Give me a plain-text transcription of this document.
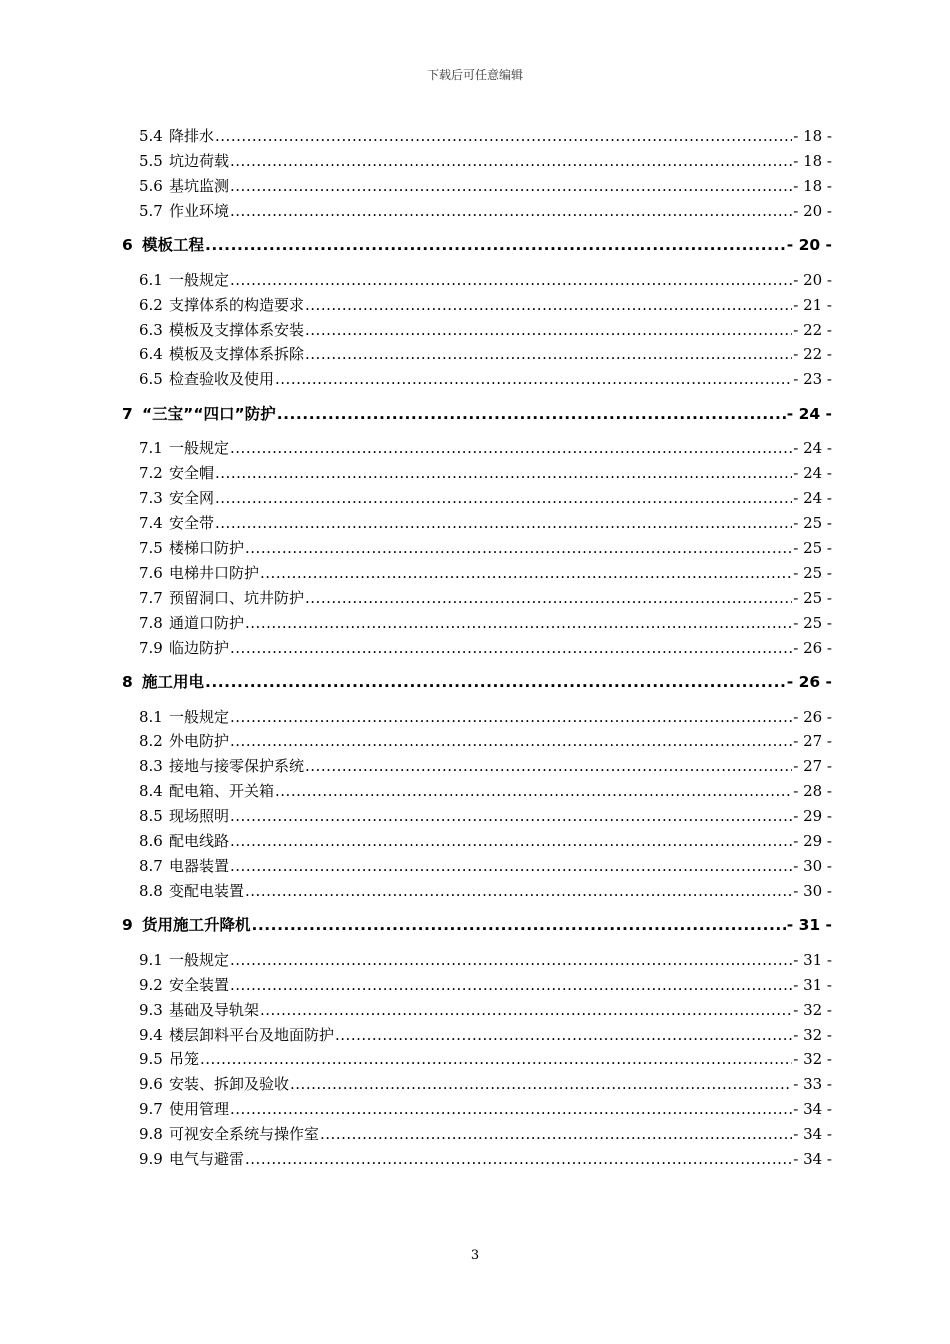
下载后可任意编辑
5.4 降排水 .....	- 18 -
5.5 坑边荷载 .....	- 18 -
5.6 基坑监测 .....	- 18 -
5.7 作业环境 .....	- 20 -
6 模板工程 .....	- 20 -
6.1 一般规定 .....	- 20 -
6.2 支撑体系的构造要求 .....	- 21 -
6.3 模板及支撑体系安装 .....	- 22 -
6.4 模板及支撑体系拆除 .....	- 22 -
6.5 检查验收及使用 .....	- 23 -
7 “三宝”“四口”防护 .....	- 24 -
7.1 一般规定 .....	- 24 -
7.2 安全帽 .....	- 24 -
7.3 安全网 .....	- 24 -
7.4 安全带 .....	- 25 -
7.5 楼梯口防护 .....	- 25 -
7.6 电梯井口防护 .....	- 25 -
7.7 预留洞口、坑井防护 .....	- 25 -
7.8 通道口防护 .....	- 25 -
7.9 临边防护 .....	- 26 -
8 施工用电 .....	- 26 -
8.1 一般规定 .....	- 26 -
8.2 外电防护 .....	- 27 -
8.3 接地与接零保护系统 .....	- 27 -
8.4 配电箱、开关箱 .....	- 28 -
8.5 现场照明 .....	- 29 -
8.6 配电线路 .....	- 29 -
8.7 电器装置 .....	- 30 -
8.8 变配电装置 .....	- 30 -
9 货用施工升降机 .....	- 31 -
9.1 一般规定 .....	- 31 -
9.2 安全装置 .....	- 31 -
9.3 基础及导轨架 .....	- 32 -
9.4 楼层卸料平台及地面防护 .....	- 32 -
9.5 吊笼 .....	- 32 -
9.6 安装、拆卸及验收 .....	- 33 -
9.7 使用管理 .....	- 34 -
9.8 可视安全系统与操作室 .....	- 34 -
9.9 电气与避雷 .....	- 34 -
3
